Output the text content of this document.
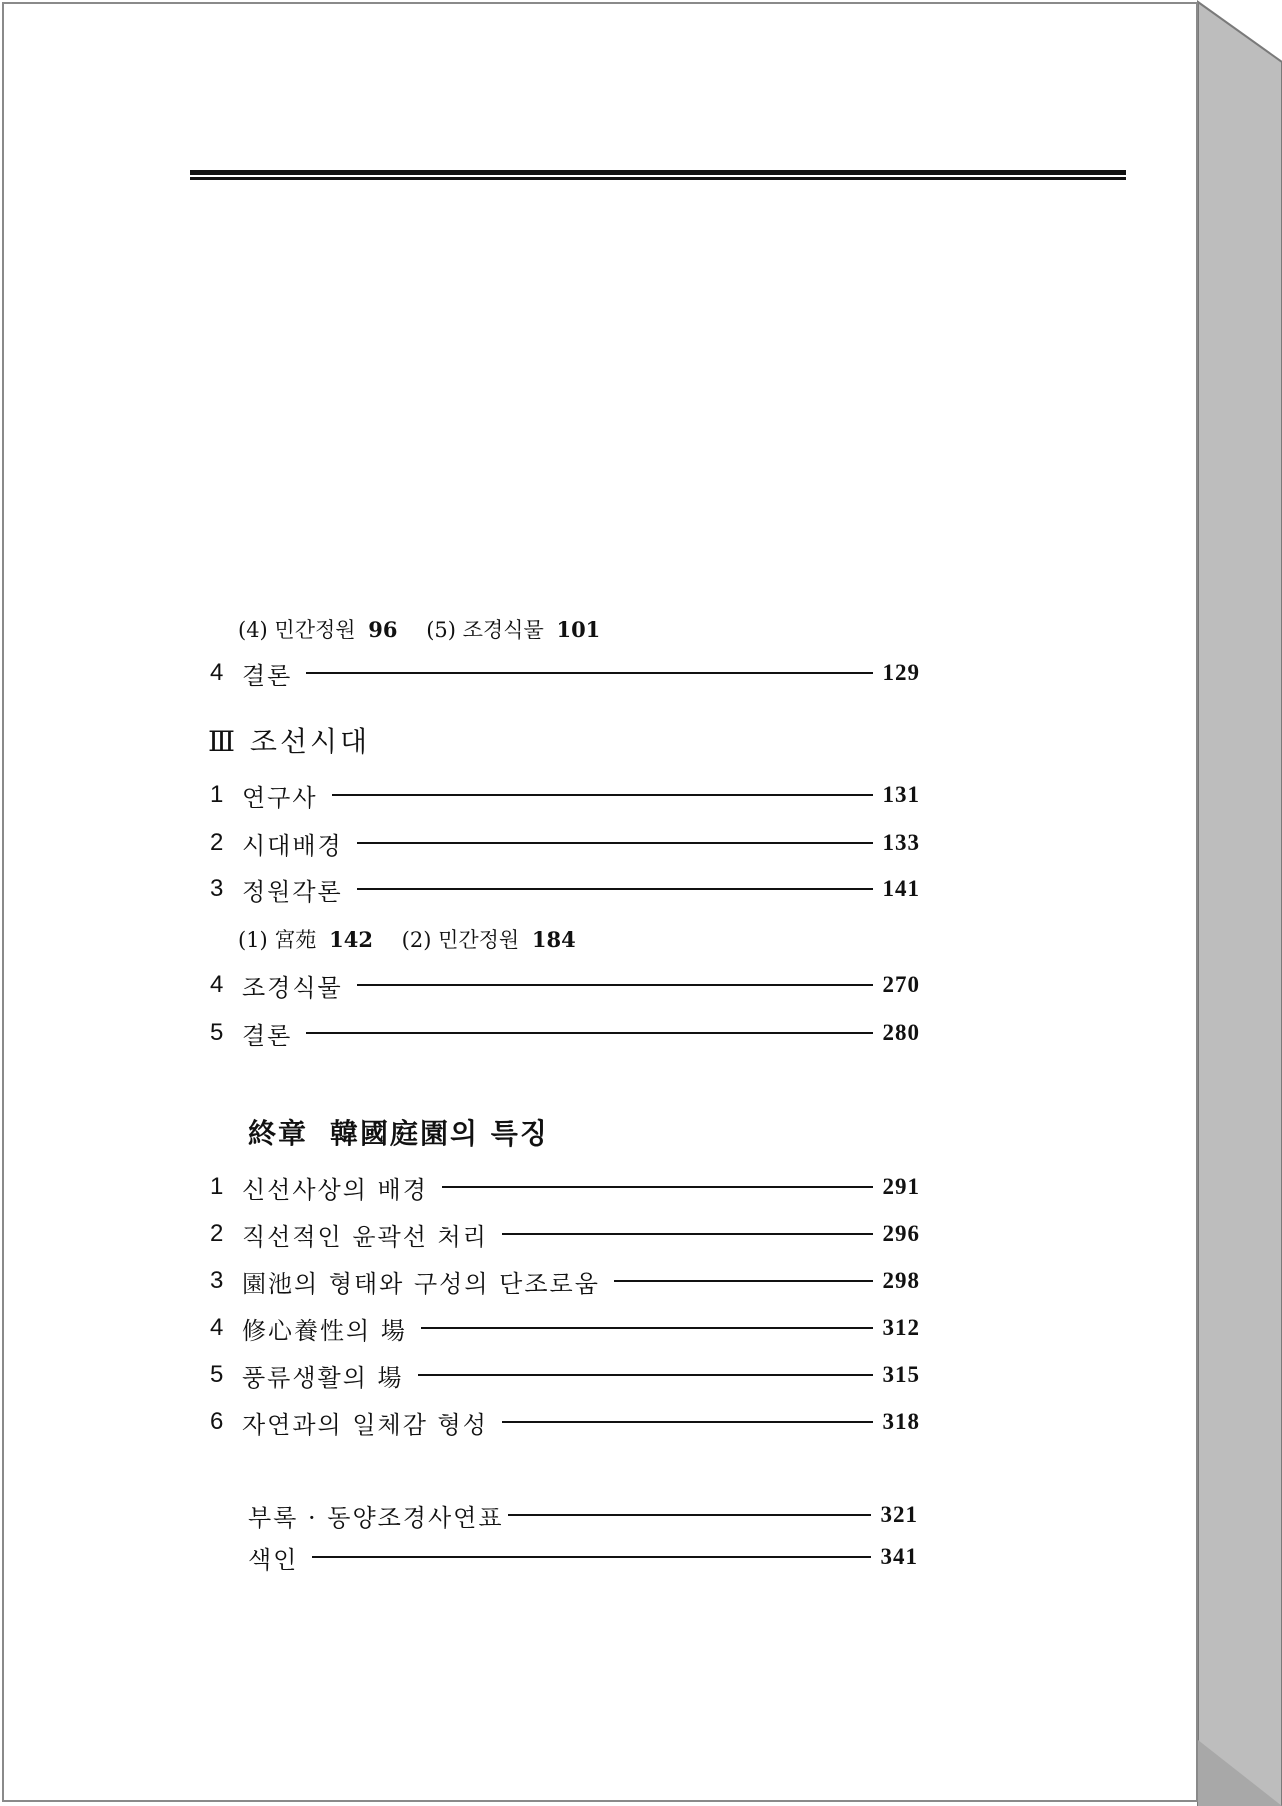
(4) 민간정원 96 (5) 조경식물 101
4 결론	129
Ⅲ 조선시대
1 연구사	131
2 시대배경	133
3 정원각론	141
(1) 宮苑 142 (2) 민간정원 184
4 조경식물	270
5 결론	280
終章 韓國庭園의 특징
1 신선사상의 배경	291
2 직선적인 윤곽선 처리	296
3 園池의 형태와 구성의 단조로움	298
4 修心養性의 場	312
5 풍류생활의 場	315
6 자연과의 일체감 형성	318
부록 · 동양조경사연표	321
색인	341
